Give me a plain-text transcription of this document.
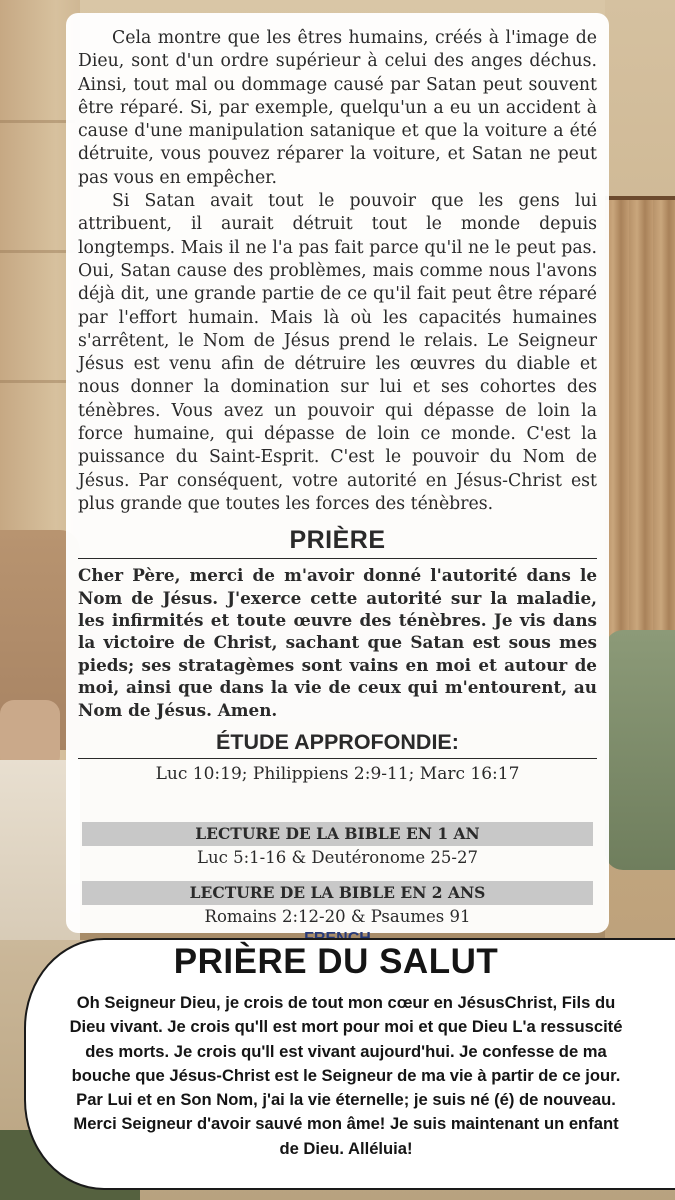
Cela montre que les êtres humains, créés à l'image de Dieu, sont d'un ordre supérieur à celui des anges déchus. Ainsi, tout mal ou dommage causé par Satan peut souvent être réparé. Si, par exemple, quelqu'un a eu un accident à cause d'une manipulation satanique et que la voiture a été détruite, vous pouvez réparer la voiture, et Satan ne peut pas vous en empêcher.

Si Satan avait tout le pouvoir que les gens lui attribuent, il aurait détruit tout le monde depuis longtemps. Mais il ne l'a pas fait parce qu'il ne le peut pas. Oui, Satan cause des problèmes, mais comme nous l'avons déjà dit, une grande partie de ce qu'il fait peut être réparé par l'effort humain. Mais là où les capacités humaines s'arrêtent, le Nom de Jésus prend le relais. Le Seigneur Jésus est venu afin de détruire les œuvres du diable et nous donner la domination sur lui et ses cohortes des ténèbres. Vous avez un pouvoir qui dépasse de loin la force humaine, qui dépasse de loin ce monde. C'est la puissance du Saint-Esprit. C'est le pouvoir du Nom de Jésus. Par conséquent, votre autorité en Jésus-Christ est plus grande que toutes les forces des ténèbres.

PRIÈRE

Cher Père, merci de m'avoir donné l'autorité dans le Nom de Jésus. J'exerce cette autorité sur la maladie, les infirmités et toute œuvre des ténèbres. Je vis dans la victoire de Christ, sachant que Satan est sous mes pieds; ses stratagèmes sont vains en moi et autour de moi, ainsi que dans la vie de ceux qui m'entourent, au Nom de Jésus. Amen.

ÉTUDE APPROFONDIE:
Luc 10:19; Philippiens 2:9-11; Marc 16:17
LECTURE DE LA BIBLE EN 1 AN
Luc 5:1-16 & Deutéronome 25-27
LECTURE DE LA BIBLE EN 2 ANS
Romains 2:12-20 & Psaumes 91
PRIÈRE DU SALUT
Oh Seigneur Dieu, je crois de tout mon cœur en JésusChrist, Fils du Dieu vivant. Je crois qu'll est mort pour moi et que Dieu L'a ressuscité des morts. Je crois qu'll est vivant aujourd'hui. Je confesse de ma bouche que Jésus-Christ est le Seigneur de ma vie à partir de ce jour. Par Lui et en Son Nom, j'ai la vie éternelle; je suis né (é) de nouveau. Merci Seigneur d'avoir sauvé mon âme! Je suis maintenant un enfant de Dieu. Alléluia!
